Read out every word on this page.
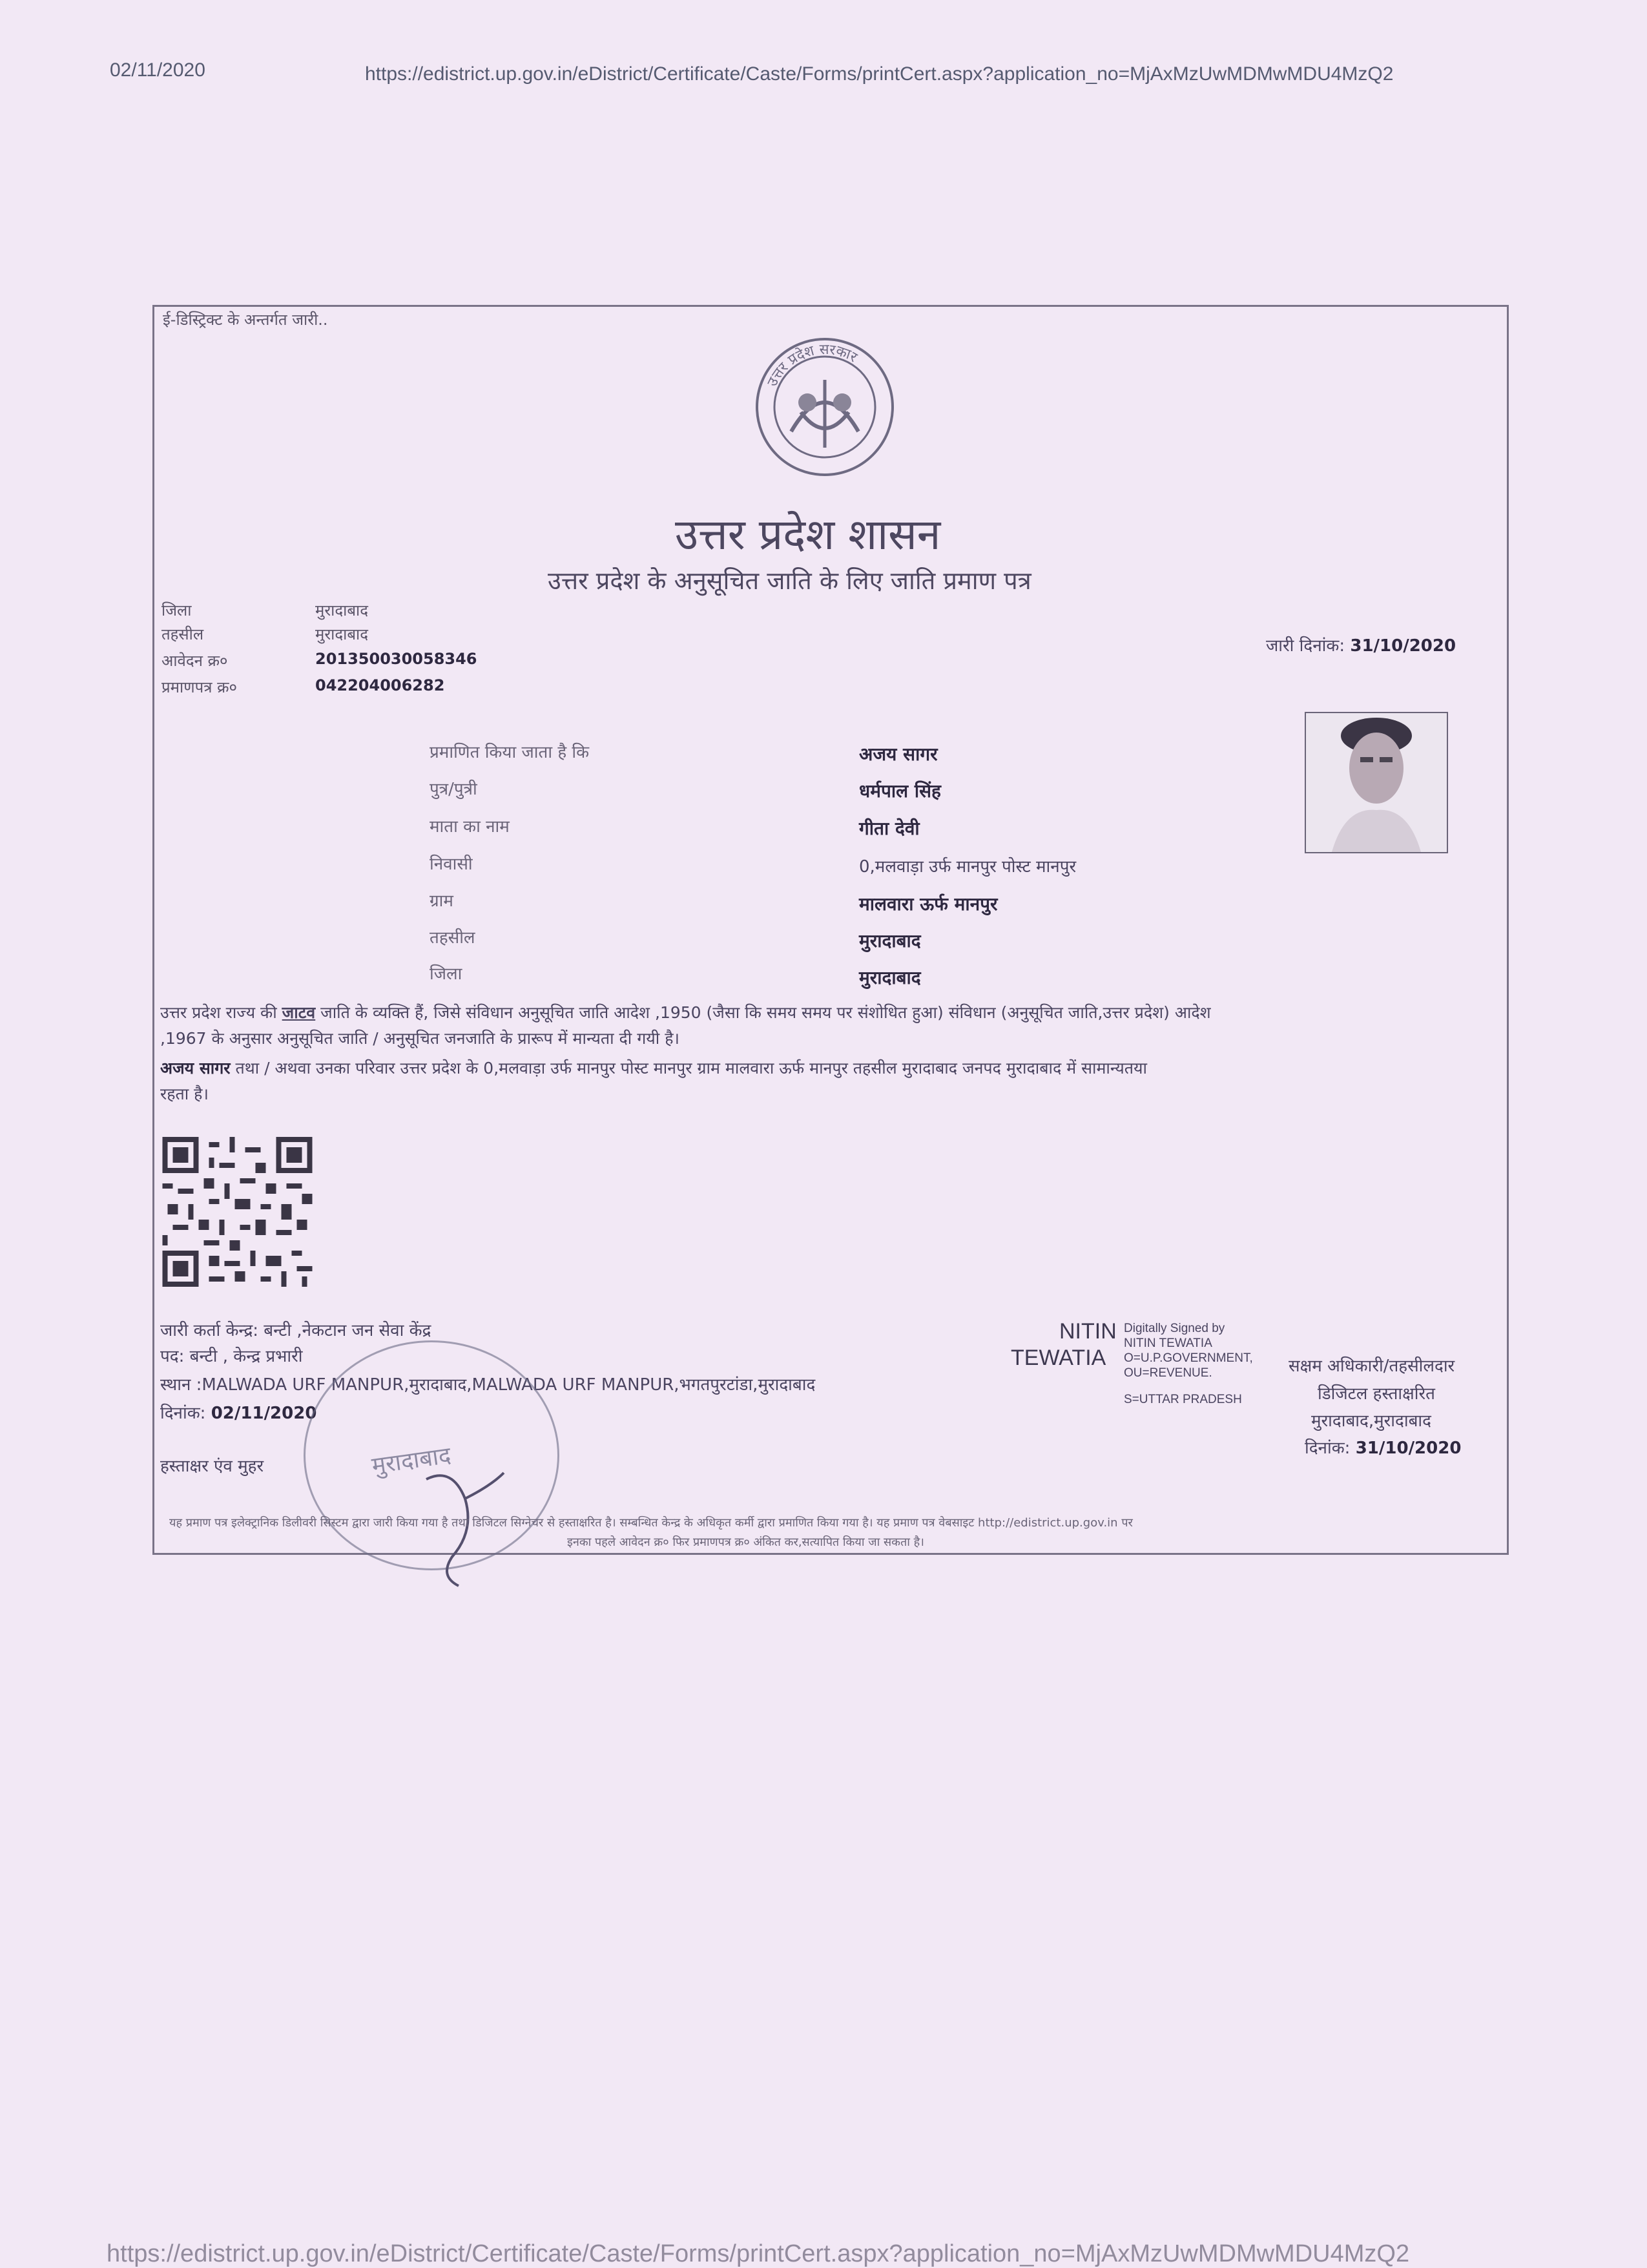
02/11/2020	https://edistrict.up.gov.in/eDistrict/Certificate/Caste/Forms/printCert.aspx?application_no=MjAxMzUwMDMwMDU4MzQ2
ई-डिस्ट्रिक्ट के अन्तर्गत जारी..
उत्तर प्रदेश सरकार
उत्तर प्रदेश शासन
उत्तर प्रदेश के अनुसूचित जाति के लिए जाति प्रमाण पत्र
जिला	मुरादाबाद
तहसील	मुरादाबाद
आवेदन क्र०	201350030058346
प्रमाणपत्र क्र०	042204006282
जारी दिनांक: 31/10/2020
प्रमाणित किया जाता है कि	अजय सागर
पुत्र/पुत्री	धर्मपाल सिंह
माता का नाम	गीता देवी
निवासी	0,मलवाड़ा उर्फ मानपुर पोस्ट मानपुर
ग्राम	मालवारा ऊर्फ मानपुर
तहसील	मुरादाबाद
जिला	मुरादाबाद
उत्तर प्रदेश राज्य की जाटव जाति के व्यक्ति हैं, जिसे संविधान अनुसूचित जाति आदेश ,1950 (जैसा कि समय समय पर संशोधित हुआ) संविधान (अनुसूचित जाति,उत्तर प्रदेश) आदेश
,1967 के अनुसार अनुसूचित जाति / अनुसूचित जनजाति के प्रारूप में मान्यता दी गयी है।
अजय सागर तथा / अथवा उनका परिवार उत्तर प्रदेश के 0,मलवाड़ा उर्फ मानपुर पोस्ट मानपुर ग्राम मालवारा ऊर्फ मानपुर तहसील मुरादाबाद जनपद मुरादाबाद में सामान्यतया
रहता है।
जारी कर्ता केन्द्र: बन्टी ,नेकटान जन सेवा केंद्र
पद: बन्टी , केन्द्र प्रभारी
स्थान :MALWADA URF MANPUR,मुरादाबाद,MALWADA URF MANPUR,भगतपुरटांडा,मुरादाबाद
दिनांक: 02/11/2020
हस्ताक्षर एंव मुहर	मुरादाबाद
NITIN
TEWATIA
Digitally Signed by
NITIN TEWATIA
O=U.P.GOVERNMENT,
OU=REVENUE.
S=UTTAR PRADESH
सक्षम अधिकारी/तहसीलदार
डिजिटल हस्ताक्षरित
मुरादाबाद,मुरादाबाद
दिनांक: 31/10/2020
यह प्रमाण पत्र इलेक्ट्रानिक डिलीवरी सिस्टम द्वारा जारी किया गया है तथा डिजिटल सिग्नेचर से हस्ताक्षरित है। सम्बन्धित केन्द्र के अधिकृत कर्मी द्वारा प्रमाणित किया गया है। यह प्रमाण पत्र वेबसाइट http://edistrict.up.gov.in पर
इनका पहले आवेदन क्र० फिर प्रमाणपत्र क्र० अंकित कर,सत्यापित किया जा सकता है।
https://edistrict.up.gov.in/eDistrict/Certificate/Caste/Forms/printCert.aspx?application_no=MjAxMzUwMDMwMDU4MzQ2
